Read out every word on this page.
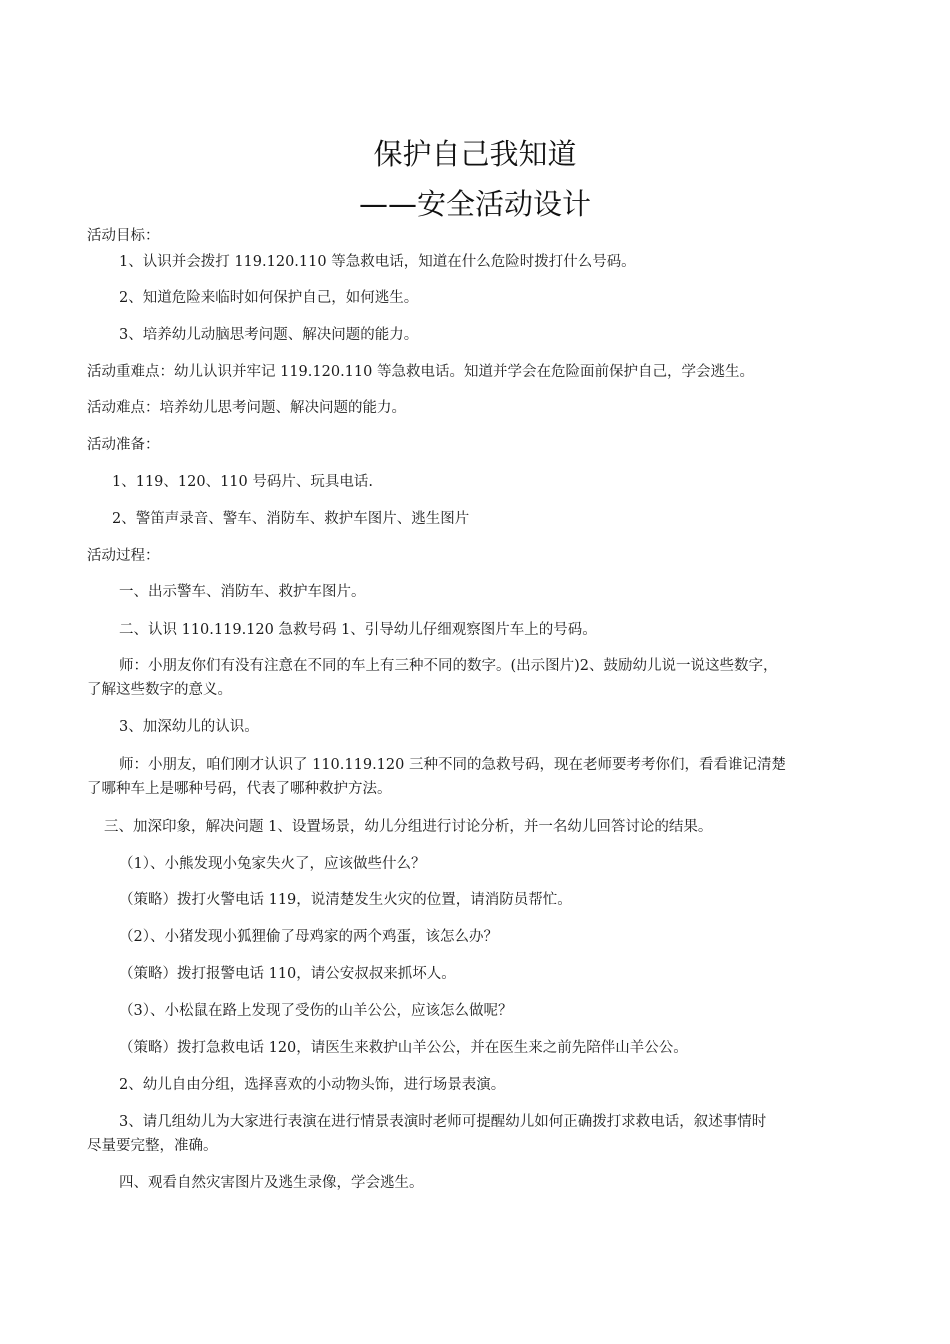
保护自己我知道
——安全活动设计
活动目标：
1、认识并会拨打 119.120.110 等急救电话，知道在什么危险时拨打什么号码。
2、知道危险来临时如何保护自己，如何逃生。
3、培养幼儿动脑思考问题、解决问题的能力。
活动重难点：幼儿认识并牢记 119.120.110 等急救电话。知道并学会在危险面前保护自己，学会逃生。
活动难点：培养幼儿思考问题、解决问题的能力。
活动准备：
1、119、120、110 号码片、玩具电话.
2、警笛声录音、警车、消防车、救护车图片、逃生图片
活动过程：
一、出示警车、消防车、救护车图片。
二、认识 110.119.120 急救号码 1、引导幼儿仔细观察图片车上的号码。
师：小朋友你们有没有注意在不同的车上有三种不同的数字。(出示图片)2、鼓励幼儿说一说这些数字，
了解这些数字的意义。
3、加深幼儿的认识。
师：小朋友，咱们刚才认识了 110.119.120 三种不同的急救号码，现在老师要考考你们，看看谁记清楚
了哪种车上是哪种号码，代表了哪种救护方法。
三、加深印象，解决问题 1、设置场景，幼儿分组进行讨论分析，并一名幼儿回答讨论的结果。
（1）、小熊发现小兔家失火了，应该做些什么？
（策略）拨打火警电话 119，说清楚发生火灾的位置，请消防员帮忙。
（2）、小猪发现小狐狸偷了母鸡家的两个鸡蛋，该怎么办？
（策略）拨打报警电话 110，请公安叔叔来抓坏人。
（3）、小松鼠在路上发现了受伤的山羊公公，应该怎么做呢？
（策略）拨打急救电话 120，请医生来救护山羊公公，并在医生来之前先陪伴山羊公公。
2、幼儿自由分组，选择喜欢的小动物头饰，进行场景表演。
3、请几组幼儿为大家进行表演在进行情景表演时老师可提醒幼儿如何正确拨打求救电话，叙述事情时
尽量要完整，准确。
四、观看自然灾害图片及逃生录像，学会逃生。
